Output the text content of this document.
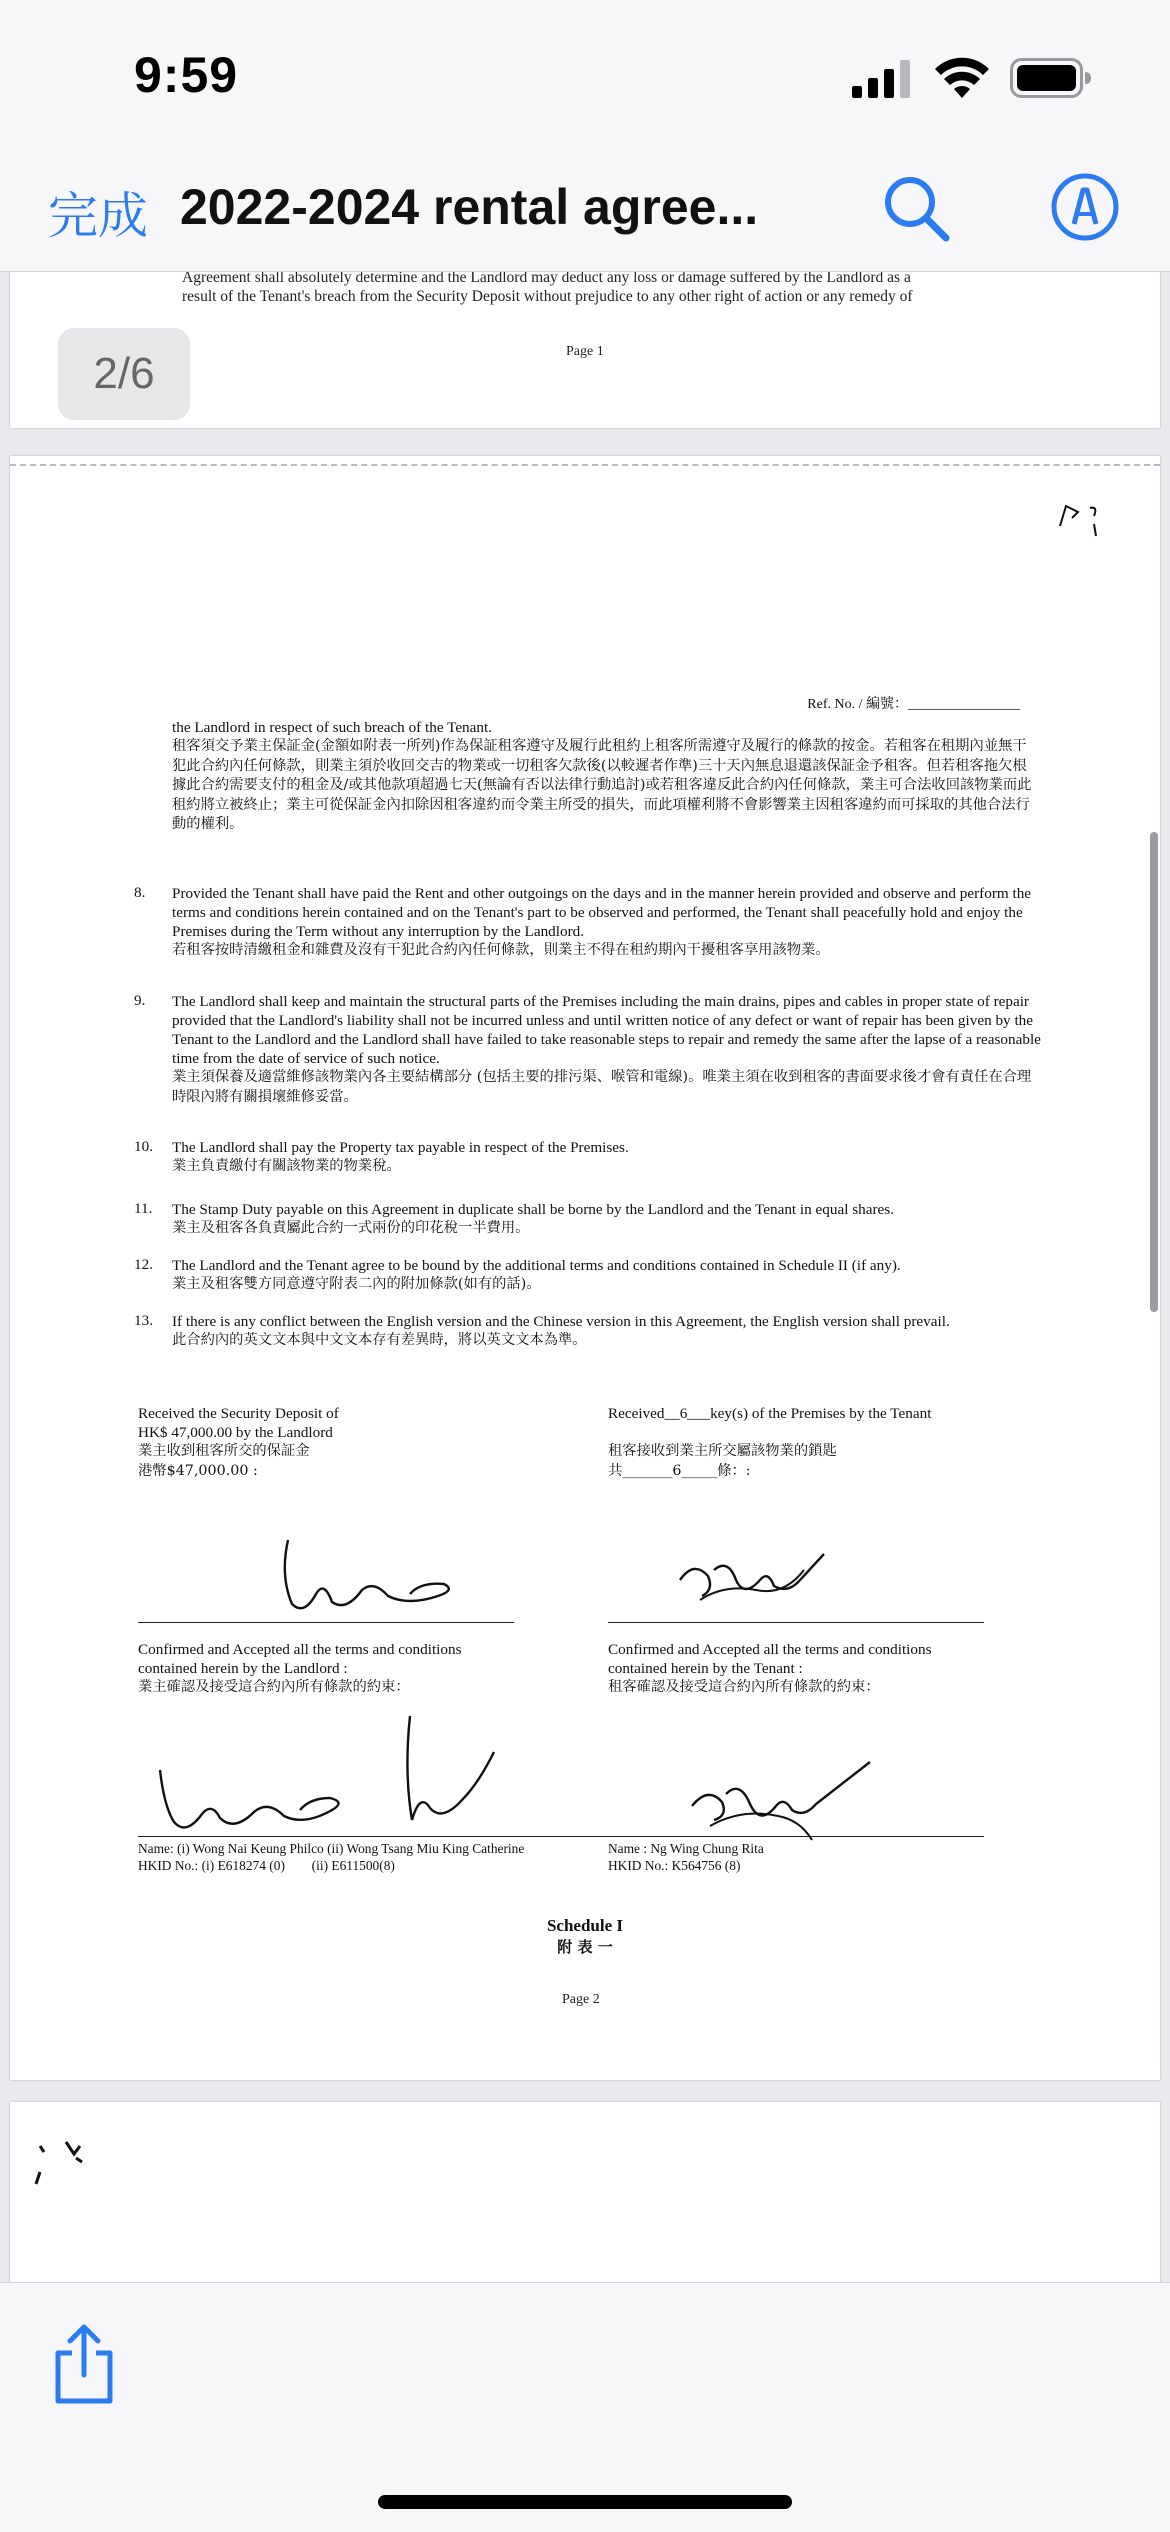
9:59
完成 2022-2024 rental agree...
Agreement shall absolutely determine and the Landlord may deduct any loss or damage suffered by the Landlord as a
result of the Tenant's breach from the Security Deposit without prejudice to any other right of action or any remedy of
Page 1
2/6
Ref. No. / 編號：________________
the Landlord in respect of such breach of the Tenant.
租客須交予業主保証金(金額如附表一所列)作為保証租客遵守及履行此租約上租客所需遵守及履行的條款的按金。若租客在租期內並無干犯此合約內任何條款，則業主須於收回交吉的物業或一切租客欠款後(以較遲者作準)三十天內無息退還該保証金予租客。但若租客拖欠根據此合約需要支付的租金及/或其他款項超過七天(無論有否以法律行動追討)或若租客違反此合約內任何條款，業主可合法收回該物業而此租約將立被終止；業主可從保証金內扣除因租客違約而令業主所受的損失，而此項權利將不會影響業主因租客違約而可採取的其他合法行動的權利。
8. Provided the Tenant shall have paid the Rent and other outgoings on the days and in the manner herein provided and observe and perform the terms and conditions herein contained and on the Tenant's part to be observed and performed, the Tenant shall peacefully hold and enjoy the Premises during the Term without any interruption by the Landlord.
若租客按時清繳租金和雜費及沒有干犯此合約內任何條款，則業主不得在租約期內干擾租客享用該物業。
9. The Landlord shall keep and maintain the structural parts of the Premises including the main drains, pipes and cables in proper state of repair provided that the Landlord's liability shall not be incurred unless and until written notice of any defect or want of repair has been given by the Tenant to the Landlord and the Landlord shall have failed to take reasonable steps to repair and remedy the same after the lapse of a reasonable time from the date of service of such notice.
業主須保養及適當維修該物業內各主要結構部分 (包括主要的排污渠、喉管和電線)。唯業主須在收到租客的書面要求後才會有責任在合理時限內將有關損壞維修妥當。
10. The Landlord shall pay the Property tax payable in respect of the Premises.
業主負責繳付有關該物業的物業稅。
11. The Stamp Duty payable on this Agreement in duplicate shall be borne by the Landlord and the Tenant in equal shares.
業主及租客各負責屬此合約一式兩份的印花稅一半費用。
12. The Landlord and the Tenant agree to be bound by the additional terms and conditions contained in Schedule II (if any).
業主及租客雙方同意遵守附表二內的附加條款(如有的話)。
13. If there is any conflict between the English version and the Chinese version in this Agreement, the English version shall prevail.
此合約內的英文文本與中文文本存有差異時，將以英文文本為準。
Received the Security Deposit of
HK$ 47,000.00 by the Landlord
業主收到租客所交的保証金
港幣$47,000.00 :
Received__6___key(s) of the Premises by the Tenant
租客接收到業主所交屬該物業的鎖匙
共_______6_____條：:
Confirmed and Accepted all the terms and conditions
contained herein by the Landlord :
業主確認及接受這合約內所有條款的約束：
Confirmed and Accepted all the terms and conditions
contained herein by the Tenant :
租客確認及接受這合約內所有條款的約束：
Name: (i) Wong Nai Keung Philco (ii) Wong Tsang Miu King Catherine
HKID No.: (i) E618274 (0)        (ii) E611500(8)
Name : Ng Wing Chung Rita
HKID No.: K564756 (8)
Schedule I
附 表 一
Page 2
